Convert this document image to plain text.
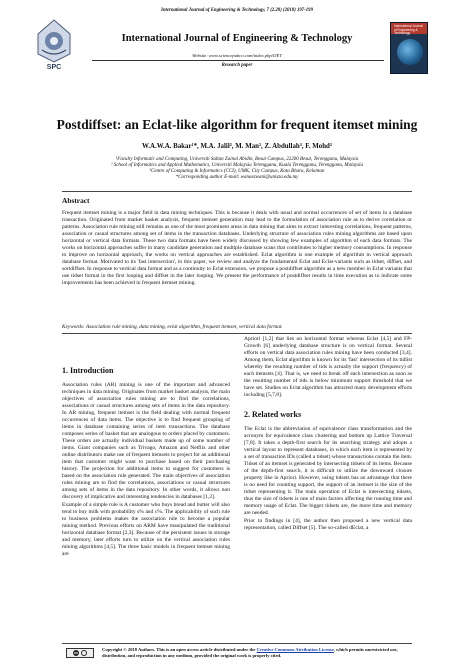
International Journal of Engineering & Technology, 7 (2.28) (2018) 197-199
SPC
International Journal of Engineering & Technology
Website: www.sciencepubco.com/index.php/IJET
Research paper
International Journal of Engineering & Technology
Postdiffset: an Eclat-like algorithm for frequent itemset mining
W.A.W.A. Bakar¹*, M.A. Jalil², M. Man², Z. Abdullah³, F. Mohd²
¹Faculty Informatic and Computing, Universiti Sultan Zainal Abidin, Besut Campus, 22200 Besut, Terengganu, Malaysia
² School of Informatics and Applied Mathematics, Universiti Malaysia Terengganu, Kuala Terengganu, Terengganu, Malaysia
³Centre of Computing & Informatics (CCI), UMK, City Campus, Kota Bharu, Kelantan
*Corresponding author E-mail: wanaezwani@unisza.edu.my
Abstract
Frequent itemset mining is a major field in data mining techniques. This is because it deals with usual and normal occurrences of set of items in a database transaction. Originated from market basket analysis, frequent itemset generation may lead to the formulation of association rule as to derive correlation or patterns. Association rule mining still remains as one of the most prominent areas in data mining that aims to extract interesting correlations, frequent patterns, association or casual structures among set of items in the transaction databases. Underlying structure of association rules mining algorithms are based upon horizontal or vertical data formats. These two data formats have been widely discussed by showing few examples of algorithm of each data formats. The works on horizontal approaches suffer in many candidate generation and multiple database scans that contributes to higher memory consumptions. In response to improve on horizontal approach, the works on vertical approaches are established. Eclat algorithm is one example of algorithm in vertical approach database format. Motivated to its 'fast intersection', in this paper, we review and analyze the fundamental Eclat and Eclat-variants such as tidset, diffset, and sortdiffset. In response to vertical data format and as a continuity to Eclat extension, we propose a postdiffset algorithm as a new member in Eclat variants that use tidset format in the first looping and diffset in the later looping. We present the performance of postdiffset results in time execution as to indicate some improvements has been achieved in frequent itemset mining.
Keywords: Association rule mining, data mining, eclat algorithm, frequent itemset, vertical data format.
1. Introduction

Association rules (AR) mining is one of the important and advanced techniques in data mining. Originates from market basket analysis, the main objectives of association rules mining are to find the correlations, associations or casual structures among sets of items in the data repository. In AR mining, frequent itemset is the field dealing with normal frequent occurrences of data items. The objective is to find frequent grouping of items in database containing series of item transactions. The database composes series of basket that are analogous to orders placed by customers. These orders are actually individual baskets made up of some number of items. Giant companies such as Trivago, Amazon and Netflix and other online distributors make use of frequent itemsets to project for an additional item that customer might want to purchase based on their purchasing history. The projection for additional items to suggest for customers is based on the association rule generated. The main objectives of association rules mining are to find the correlations, associations or casual structures among sets of items in the data repository. In other words, it allows non discovery of implicative and interesting tendencies in databases [1,2].

Example of a simple rule is A customer who buys bread and butter will also tend to buy milk with probability s% and c%. The applicability of such rule to business problems makes the association rule to become a popular mining method. Previous efforts on ARM have manipulated the traditional horizontal database format [2,3]. Because of the persistent issues in storage and memory, later efforts turn to utilize on the vertical association rules mining algorithms [4,5]. The three basic models in frequent itemset mining are

Apriori [1,2] that lies on horizontal format whereas Eclat [4,5] and FP-Growth [6] underlying database structure is on vertical format. Several efforts on vertical data association rules mining have been conducted [3,4]. Among them, Eclat algorithm is known for its 'fast' intersection of its tidlist whereby the resulting number of tids is actually the support (frequency) of each itemsets [4]. That is, we need to break off each intersection as soon as the resulting number of tids is below minimum support threshold that we have set. Studies on Eclat algorithm has attracted many development efforts including [5,7,8].

2. Related works

The Eclat is the abbreviation of equivalence class transformation and the acronym for equivalence class clustering and bottom up Lattice Traversal [7,8]. It takes a depth-first search for its searching strategy and adopts a vertical layout to represent databases, in which each item is represented by a set of transaction IDs (called a tidset) whose transactions contain the item. Tidset of an itemset is generated by intersecting tidsets of its items. Because of the depth-first search, it is difficult to utilize the downward closure property like in Apriori. However, using tidsets has an advantage that there is no need for counting support, the support of an itemset is the size of the tidset representing it. The main operation of Eclat is intersecting tidsets, thus the size of tidsets is one of main factors affecting the running time and memory usage of Eclat. The bigger tidsets are, the more time and memory are needed.

Prior to findings in [4], the author then proposed a new vertical data representation, called Diffset [5]. The so-called dEclat, a

cc
Copyright © 2018 Authors. This is an open access article distributed under the Creative Commons Attribution License, which permits unrestricted use, distribution, and reproduction in any medium, provided the original work is properly cited.
